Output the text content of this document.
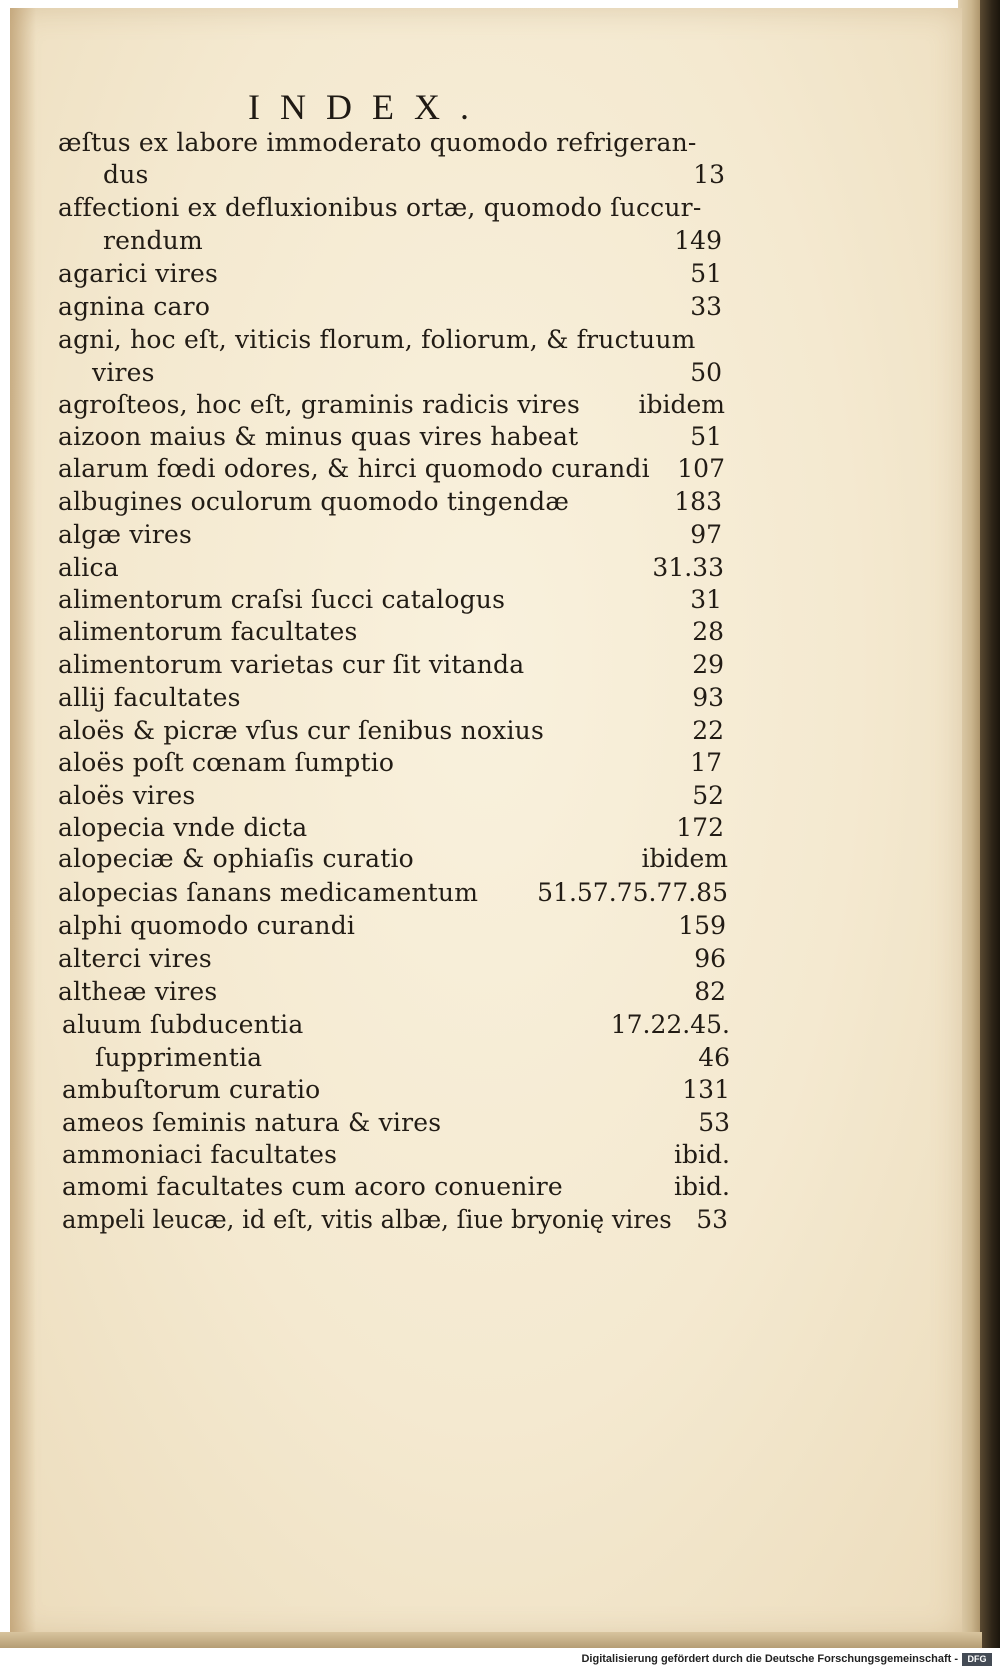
INDEX.
æſtus ex labore immoderato quomodo refrigeran-
dus	13
affectioni ex defluxionibus ortæ, quomodo ſuccur-
rendum	149
agarici vires	51
agnina caro	33
agni, hoc eſt, viticis florum, foliorum, & fructuum
vires	50
agroſteos, hoc eſt, graminis radicis vires ibidem
aizoon maius & minus quas vires habeat	51
alarum fœdi odores, & hirci quomodo curandi 107
albugines oculorum quomodo tingendæ	183
algæ vires	97
alica	31.33
alimentorum craſsi ſucci catalogus	31
alimentorum facultates	28
alimentorum varietas cur ſit vitanda	29
allij facultates	93
aloës & picræ vſus cur ſenibus noxius	22
aloës poſt cœnam ſumptio	17
aloës vires	52
alopecia vnde dicta	172
alopeciæ & ophiaſis curatio	ibidem
alopecias ſanans medicamentum 51.57.75.77.85
alphi quomodo curandi	159
alterci vires	96
altheæ vires	82
aluum ſubducentia	17.22.45.
ſupprimentia	46
ambuſtorum curatio	131
ameos ſeminis natura & vires	53
ammoniaci facultates	ibid.
amomi facultates cum acoro conuenire	ibid.
ampeli leucæ, id eſt, vitis albæ, ſiue bryonię vires 53
Digitalisierung gefördert durch die Deutsche Forschungsgemeinschaft -	DFG
